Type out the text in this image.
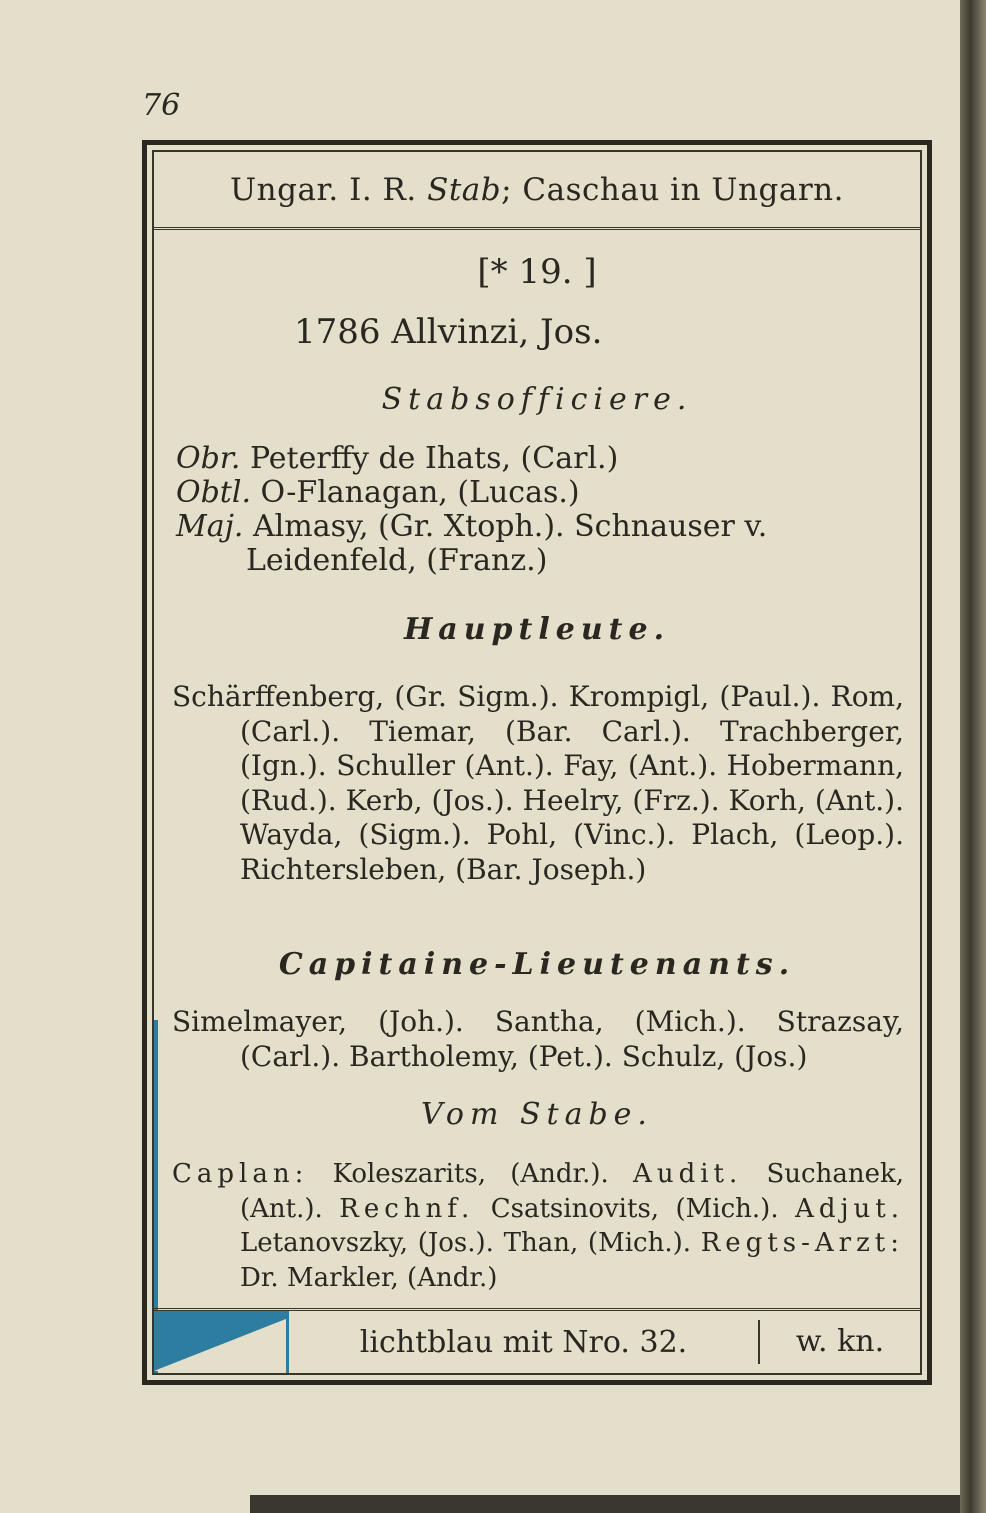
76
Ungar. I. R.
Stab ; Caschau in Ungarn.
[* 19. ]
1786 Allvinzi, Jos.
Stabsofficiere.
Obr. Peterffy de Ihats, (Carl.)
Obtl. O-Flanagan, (Lucas.)
Maj. Almasy, (Gr. Xtoph.). Schnauser v. Leidenfeld, (Franz.)
Hauptleute.
Schärffenberg, (Gr. Sigm.). Krompigl, (Paul.). Rom, (Carl.). Tiemar, (Bar. Carl.). Trachberger, (Ign.). Schuller (Ant.). Fay, (Ant.). Hobermann, (Rud.). Kerb, (Jos.). Heelry, (Frz.). Korh, (Ant.). Wayda, (Sigm.). Pohl, (Vinc.). Plach, (Leop.). Richtersleben, (Bar. Joseph.)
Capitaine-Lieutenants.
Simelmayer, (Joh.). Santha, (Mich.). Strazsay, (Carl.). Bartholemy, (Pet.). Schulz, (Jos.)
Vom Stabe.
Caplan: Koleszarits, (Andr.). Audit. Suchanek, (Ant.). Rechnf. Csatsinovits, (Mich.). Adjut. Letanovszky, (Jos.). Than, (Mich.). Regts-Arzt: Dr. Markler, (Andr.)
lichtblau mit Nro. 32.	w. kn.
